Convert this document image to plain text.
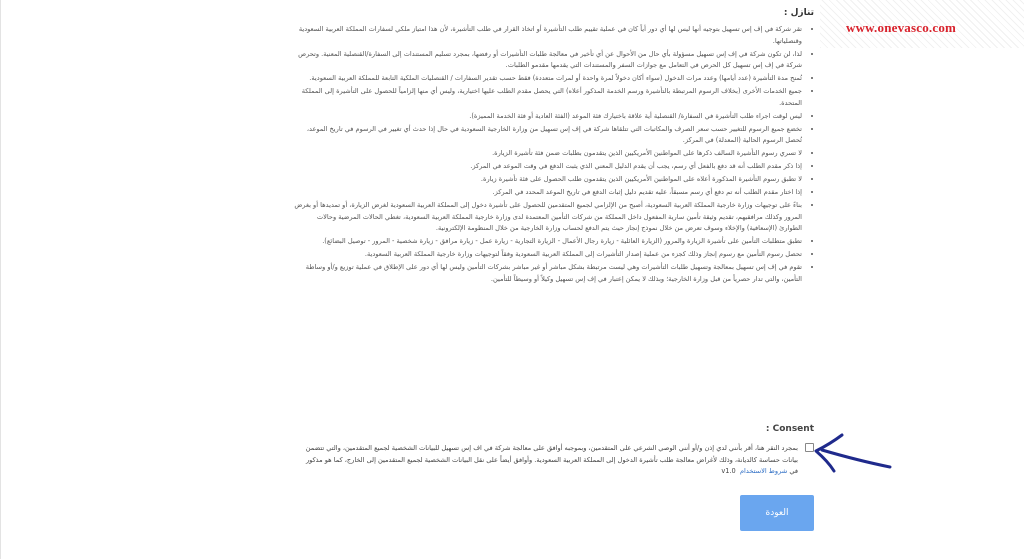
www.onevasco.com
تنازل :
• تقر شركة في إف إس تسهيل بتوجيه أنها ليس لها أي دور أياً كان في عملية تقييم طلب التأشيرة أو اتخاذ القرار في طلب التأشيرة، لأن هذا امتياز ملكي لسفارات المملكة العربية السعودية وقنصلياتها.
• لذا، لن تكون شركة في إف إس تسهيل مسؤولة بأي حال من الأحوال عن أي تأخير في معالجة طلبات التأشيرات أو رفضها، بمجرد تسليم المستندات إلى السفارة/القنصلية المعنية. وتحرص شركة في إف إس تسهيل كل الحرص في التعامل مع جوازات السفر والمستندات التي يقدمها مقدمو الطلبات.
• تُمنح مدة التأشيرة (عدد أيامها) وعدد مرات الدخول (سواء أكان دخولاً لمرة واحدة أو لمرات متعددة) فقط حسب تقدير السفارات / القنصليات الملكية التابعة للمملكة العربية السعودية.
• جميع الخدمات الأخرى (بخلاف الرسوم المرتبطة بالتأشيرة ورسم الخدمة المذكور أعلاه) التي يحصل مقدم الطلب عليها اختيارية، وليس أي منها إلزامياً للحصول على التأشيرة إلى المملكة المتحدة.
• ليس لوقت اجراء طلب التأشيرة في السفارة/ القنصلية أية علاقة باختيارك فئة الموعد (الفئة العادية أو فئة الخدمة المميزة).
• تخضع جميع الرسوم للتغيير حسب سعر الصرف والمكاتبات التي تتلقاها شركة في إف إس تسهيل من وزارة الخارجية السعودية في حال إذا حدث أي تغيير في الرسوم في تاريخ الموعد، تُحصل الرسوم الحالية (المعدلة) في المركز.
• لا تسري رسوم التأشيرة السالف ذكرها على المواطنين الأمريكيين الذين يتقدمون بطلبات ضمن فئة تأشيرة الزيارة.
• إذا ذكر مقدم الطلب أنه قد دفع بالفعل أي رسم، يجب أن يقدم الدليل المعني الذي يثبت الدفع في وقت الموعد في المركز.
• لا تطبق رسوم التأشيرة المذكورة أعلاه على المواطنين الأمريكيين الذين يتقدمون طلب الحصول على فئة تأشيرة زيارة.
• إذا اختار مقدم الطلب أنه تم دفع أي رسم مسبقاً، عليه تقديم دليل إثبات الدفع في تاريخ الموعد المحدد في المركز.
• بناءً على توجيهات وزارة خارجية المملكة العربية السعودية، أصبح من الإلزامي لجميع المتقدمين للحصول على تأشيرة دخول إلى المملكة العربية السعودية لغرض الزيارة، أو تمديدها أو بغرض المرور وكذلك مرافقيهم، تقديم وثيقة تأمين سارية المفعول داخل المملكة من شركات التأمين المعتمدة لدى وزارة خارجية المملكة العربية السعودية، تغطي الحالات المرضية وحالات الطوارئ (الإسعافية) والإخلاء وسوف تعرض من خلال نموذج إنجاز حيث يتم الدفع لحساب وزارة الخارجية من خلال المنظومة الإلكترونية.
• تطبق متطلبات التأمين على تأشيرة الزيارة والمرور (الزيارة العائلية - زيارة رجال الأعمال - الزيارة التجارية - زيارة عمل - زيارة مرافق - زيارة شخصية - المرور - توصيل البضائع).
• تحصل رسوم التأمين مع رسوم إنجاز وذلك كجزء من عملية إصدار التأشيرات إلى المملكة العربية السعودية وفقاً لتوجيهات وزارة خارجية المملكة العربية السعودية.
• تقوم في إف إس تسهيل بمعالجة وتسهيل طلبات التأشيرات وهي ليست مرتبطة بشكل مباشر أو غير مباشر بشركات التأمين وليس لها أي دور على الإطلاق في عملية توزيع و/أو وساطة التأمين، والتي تدار حصرياً من قبل وزارة الخارجية؛ وبذلك لا يمكن إعتبار في إف إس تسهيل وكيلاً أو وسيطاً للتأمين.
Consent :

بمجرد النقر هنا، أقر بأنني لدي إذن و/أو أنني الوصي الشرعي على المتقدمين، وبموجبه أوافق على معالجة شركة في اف إس تسهيل للبيانات الشخصية لجميع المتقدمين، والتي تتضمن بيانات حساسة كالديانة، وذلك لأغراض معالجة طلب تأشيرة الدخول إلى المملكة العربية السعودية. وأوافق أيضاً على نقل البيانات الشخصية لجميع المتقدمين إلى الخارج، كما هو مذكور في شروط الاستخدام  v1.0

العودة
